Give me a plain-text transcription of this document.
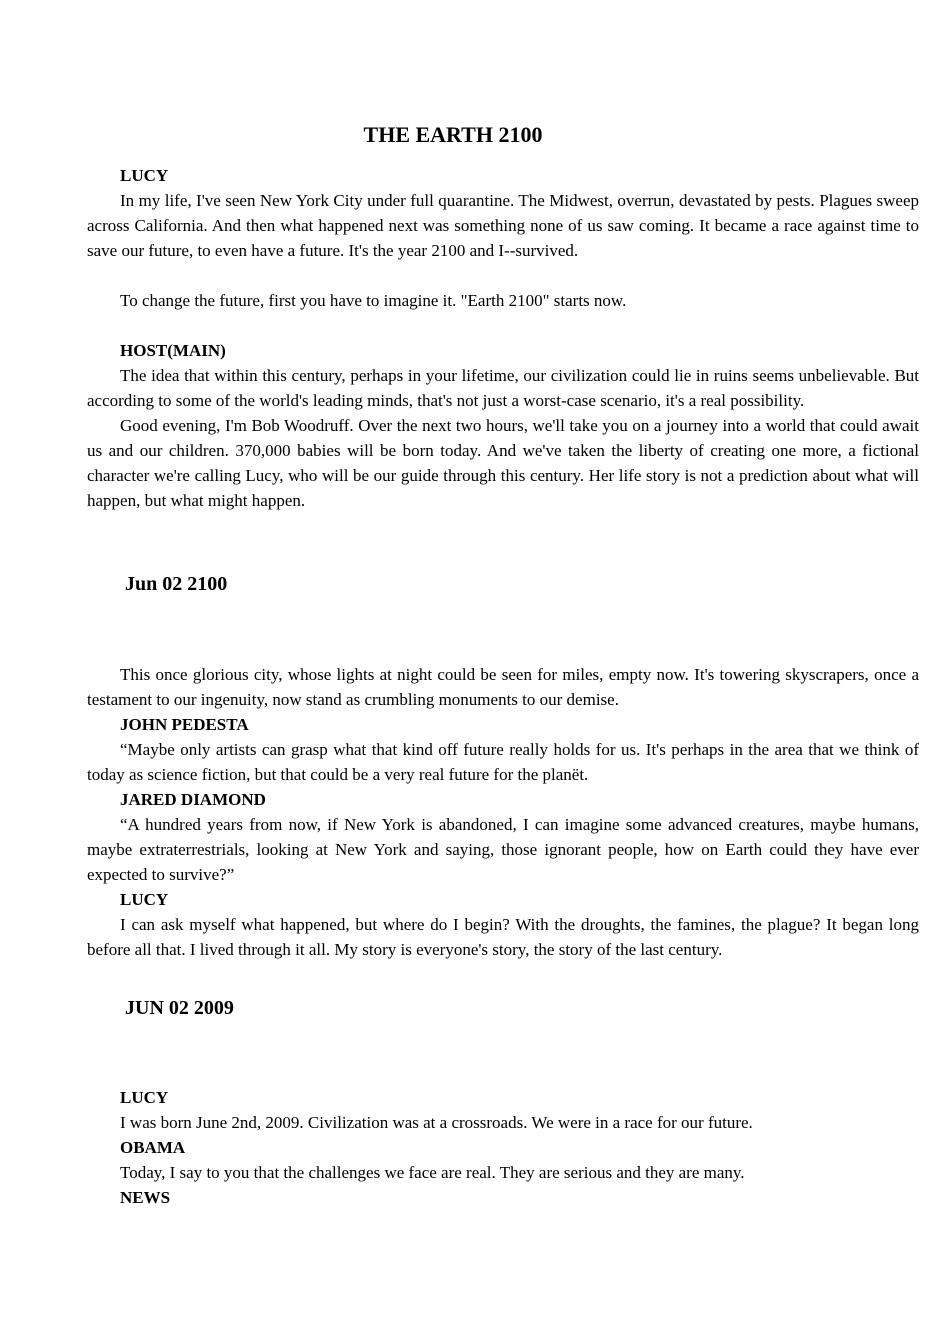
THE EARTH 2100

LUCY

In my life, I've seen New York City under full quarantine. The Midwest, overrun, devastated by pests. Plagues sweep across California. And then what happened next was something none of us saw coming. It became a race against time to save our future, to even have a future. It's the year 2100 and I--survived.

To change the future, first you have to imagine it. "Earth 2100" starts now.

HOST(MAIN)

The idea that within this century, perhaps in your lifetime, our civilization could lie in ruins seems unbelievable. But according to some of the world's leading minds, that's not just a worst-case scenario, it's a real possibility.

Good evening, I'm Bob Woodruff. Over the next two hours, we'll take you on a journey into a world that could await us and our children. 370,000 babies will be born today. And we've taken the liberty of creating one more, a fictional character we're calling Lucy, who will be our guide through this century. Her life story is not a prediction about what will happen, but what might happen.

Jun 02 2100

This once glorious city, whose lights at night could be seen for miles, empty now. It's towering skyscrapers, once a testament to our ingenuity, now stand as crumbling monuments to our demise.

JOHN PEDESTA

“Maybe only artists can grasp what that kind off future really holds for us. It's perhaps in the area that we think of today as science fiction, but that could be a very real future for the planët.

JARED DIAMOND

“A hundred years from now, if New York is abandoned, I can imagine some advanced creatures, maybe humans, maybe extraterrestrials, looking at New York and saying, those ignorant people, how on Earth could they have ever expected to survive?”

LUCY

I can ask myself what happened, but where do I begin? With the droughts, the famines, the plague? It began long before all that. I lived through it all. My story is everyone's story, the story of the last century.

JUN 02 2009

LUCY

I was born June 2nd, 2009. Civilization was at a crossroads. We were in a race for our future.

OBAMA

Today, I say to you that the challenges we face are real. They are serious and they are many.

NEWS
